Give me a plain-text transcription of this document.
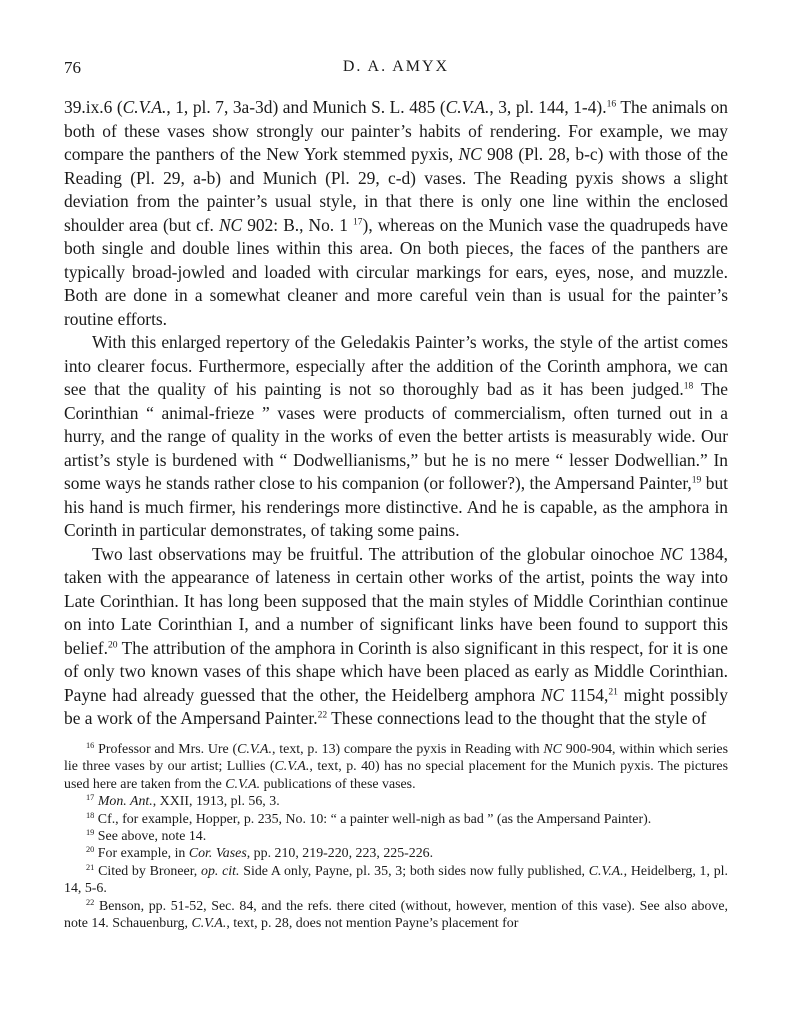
76	D. A. AMYX

39.ix.6 (C.V.A., 1, pl. 7, 3a-3d) and Munich S. L. 485 (C.V.A., 3, pl. 144, 1-4).$^{16}$ The animals on both of these vases show strongly our painter’s habits of rendering. For example, we may compare the panthers of the New York stemmed pyxis, NC 908 (Pl. 28, b-c) with those of the Reading (Pl. 29, a-b) and Munich (Pl. 29, c-d) vases. The Reading pyxis shows a slight deviation from the painter’s usual style, in that there is only one line within the enclosed shoulder area (but cf. NC 902: B., No. 1 $^{17}$), whereas on the Munich vase the quadrupeds have both single and double lines within this area. On both pieces, the faces of the panthers are typically broad-jowled and loaded with circular markings for ears, eyes, nose, and muzzle. Both are done in a somewhat cleaner and more careful vein than is usual for the painter’s routine efforts.

With this enlarged repertory of the Geledakis Painter’s works, the style of the artist comes into clearer focus. Furthermore, especially after the addition of the Corinth amphora, we can see that the quality of his painting is not so thoroughly bad as it has been judged.$^{18}$ The Corinthian “ animal-frieze ” vases were products of commercialism, often turned out in a hurry, and the range of quality in the works of even the better artists is measurably wide. Our artist’s style is burdened with “ Dodwellianisms,” but he is no mere “ lesser Dodwellian.” In some ways he stands rather close to his companion (or follower?), the Ampersand Painter,$^{19}$ but his hand is much firmer, his renderings more distinctive. And he is capable, as the amphora in Corinth in particular demonstrates, of taking some pains.

Two last observations may be fruitful. The attribution of the globular oinochoe NC 1384, taken with the appearance of lateness in certain other works of the artist, points the way into Late Corinthian. It has long been supposed that the main styles of Middle Corinthian continue on into Late Corinthian I, and a number of significant links have been found to support this belief.$^{20}$ The attribution of the amphora in Corinth is also significant in this respect, for it is one of only two known vases of this shape which have been placed as early as Middle Corinthian. Payne had already guessed that the other, the Heidelberg amphora NC 1154,21 might possibly be a work of the Ampersand Painter.$^{22}$ These connections lead to the thought that the style of

$^{16}$ Professor and Mrs. Ure (C.V.A., text, p. 13) compare the pyxis in Reading with NC 900-904, within which series lie three vases by our artist; Lullies (C.V.A., text, p. 40) has no special placement for the Munich pyxis. The pictures used here are taken from the C.V.A. publications of these vases.

$^{17}$ Mon. Ant., XXII, 1913, pl. 56, 3.

$^{18}$ Cf., for example, Hopper, p. 235, No. 10: “ a painter well-nigh as bad ” (as the Ampersand Painter).

$^{19}$ See above, note 14.

$^{20}$ For example, in Cor. Vases, pp. 210, 219-220, 223, 225-226.

$^{21}$ Cited by Broneer, op. cit. Side A only, Payne, pl. 35, 3; both sides now fully published, C.V.A., Heidelberg, 1, pl. 14, 5-6.

$^{22}$ Benson, pp. 51-52, Sec. 84, and the refs. there cited (without, however, mention of this vase). See also above, note 14. Schauenburg, C.V.A., text, p. 28, does not mention Payne’s placement for
